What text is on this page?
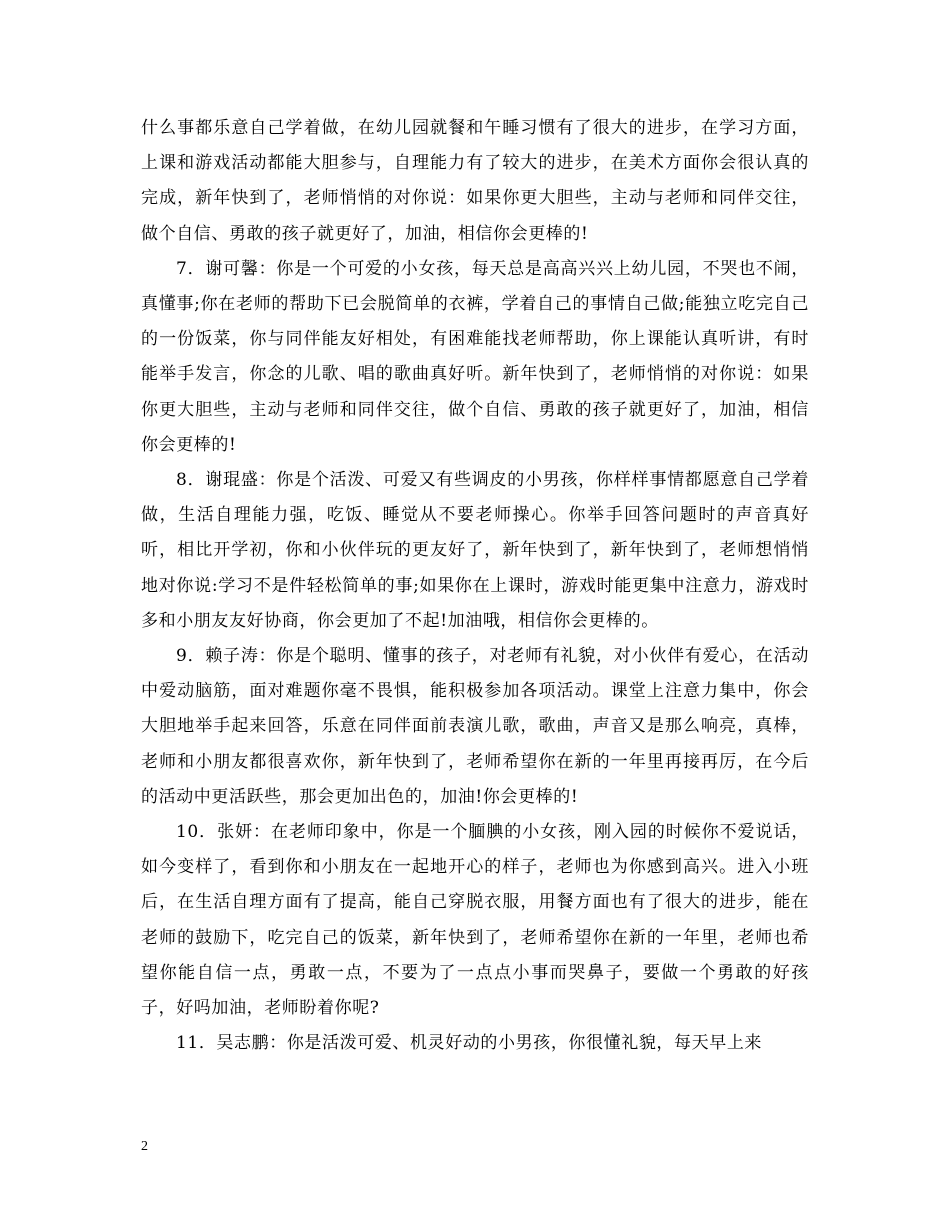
什么事都乐意自己学着做，在幼儿园就餐和午睡习惯有了很大的进步，在学习方面，上课和游戏活动都能大胆参与，自理能力有了较大的进步，在美术方面你会很认真的完成，新年快到了，老师悄悄的对你说：如果你更大胆些，主动与老师和同伴交往，做个自信、勇敢的孩子就更好了，加油，相信你会更棒的!

7．谢可馨：你是一个可爱的小女孩，每天总是高高兴兴上幼儿园，不哭也不闹，真懂事;你在老师的帮助下已会脱简单的衣裤，学着自己的事情自己做;能独立吃完自己的一份饭菜，你与同伴能友好相处，有困难能找老师帮助，你上课能认真听讲，有时能举手发言，你念的儿歌、唱的歌曲真好听。新年快到了，老师悄悄的对你说：如果你更大胆些，主动与老师和同伴交往，做个自信、勇敢的孩子就更好了，加油，相信你会更棒的!

8．谢琨盛：你是个活泼、可爱又有些调皮的小男孩，你样样事情都愿意自己学着做，生活自理能力强，吃饭、睡觉从不要老师操心。你举手回答问题时的声音真好听，相比开学初，你和小伙伴玩的更友好了，新年快到了，新年快到了，老师想悄悄地对你说:学习不是件轻松简单的事;如果你在上课时，游戏时能更集中注意力，游戏时多和小朋友友好协商，你会更加了不起!加油哦，相信你会更棒的。

9．赖子涛：你是个聪明、懂事的孩子，对老师有礼貌，对小伙伴有爱心，在活动中爱动脑筋，面对难题你毫不畏惧，能积极参加各项活动。课堂上注意力集中，你会大胆地举手起来回答，乐意在同伴面前表演儿歌，歌曲，声音又是那么响亮，真棒，老师和小朋友都很喜欢你，新年快到了，老师希望你在新的一年里再接再厉，在今后的活动中更活跃些，那会更加出色的，加油!你会更棒的!

10．张妍：在老师印象中，你是一个腼腆的小女孩，刚入园的时候你不爱说话，如今变样了，看到你和小朋友在一起地开心的样子，老师也为你感到高兴。进入小班后，在生活自理方面有了提高，能自己穿脱衣服，用餐方面也有了很大的进步，能在老师的鼓励下，吃完自己的饭菜，新年快到了，老师希望你在新的一年里，老师也希望你能自信一点，勇敢一点，不要为了一点点小事而哭鼻子，要做一个勇敢的好孩子，好吗加油，老师盼着你呢?

11．吴志鹏：你是活泼可爱、机灵好动的小男孩，你很懂礼貌，每天早上来

2
